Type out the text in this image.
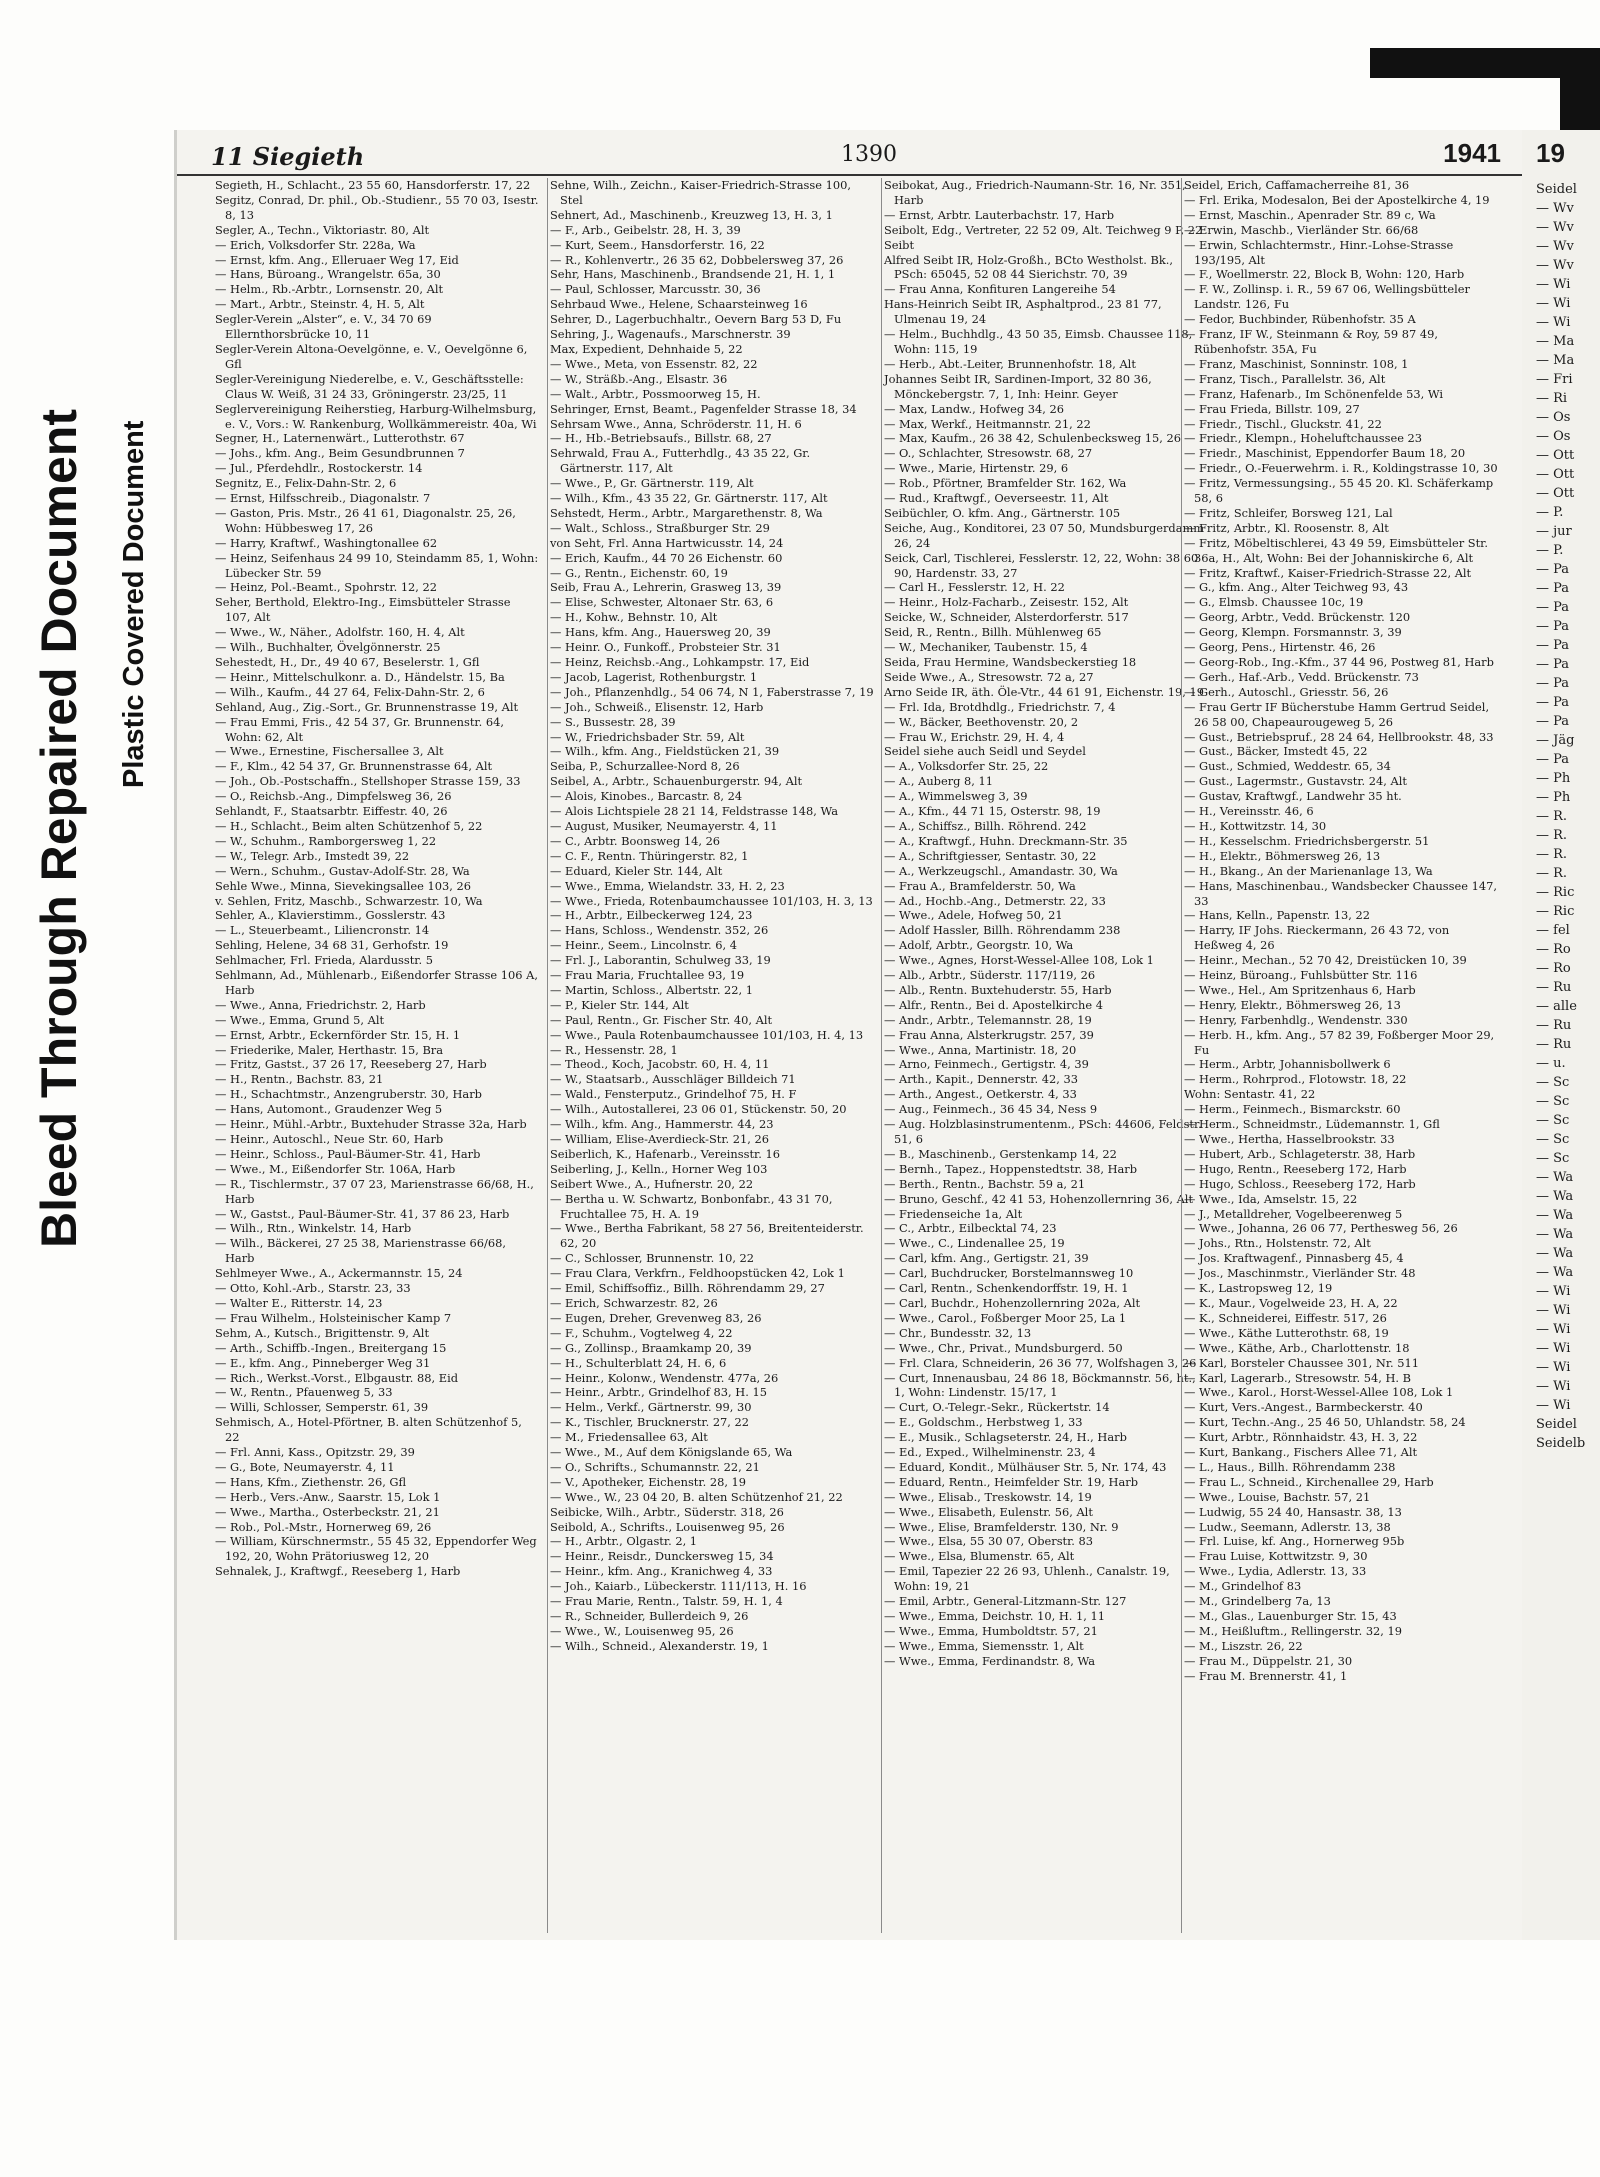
Bleed Through Repaired Document Plastic Covered Document
11 Siegieth	1390	1941
Segieth, H., Schlacht., 23 55 60, Hansdorferstr. 17, 22
Segitz, Conrad, Dr. phil., Ob.-Studienr., 55 70 03, Isestr. 8, 13
Segler, A., Techn., Viktoriastr. 80, Alt
— Erich, Volksdorfer Str. 228a, Wa
— Ernst, kfm. Ang., Elleruaer Weg 17, Eid
— Hans, Büroang., Wrangelstr. 65a, 30
— Helm., Rb.-Arbtr., Lornsenstr. 20, Alt
— Mart., Arbtr., Steinstr. 4, H. 5, Alt
Segler-Verein „Alster“, e. V., 34 70 69 Ellernthorsbrücke 10, 11
Segler-Verein Altona-Oevelgönne, e. V., Oevelgönne 6, Gfl
Segler-Vereinigung Niederelbe, e. V., Geschäftsstelle: Claus W. Weiß, 31 24 33, Gröningerstr. 23/25, 11
Seglervereinigung Reiherstieg, Harburg-Wilhelmsburg, e. V., Vors.: W. Rankenburg, Wollkämmereistr. 40a, Wi
Segner, H., Laternenwärt., Lutterothstr. 67
— Johs., kfm. Ang., Beim Gesundbrunnen 7
— Jul., Pferdehdlr., Rostockerstr. 14
Segnitz, E., Felix-Dahn-Str. 2, 6
— Ernst, Hilfsschreib., Diagonalstr. 7
— Gaston, Pris. Mstr., 26 41 61, Diagonalstr. 25, 26, Wohn: Hübbesweg 17, 26
— Harry, Kraftwf., Washingtonallee 62
— Heinz, Seifenhaus 24 99 10, Steindamm 85, 1, Wohn: Lübecker Str. 59
— Heinz, Pol.-Beamt., Spohrstr. 12, 22
Seher, Berthold, Elektro-Ing., Eimsbütteler Strasse 107, Alt
— Wwe., W., Näher., Adolfstr. 160, H. 4, Alt
— Wilh., Buchhalter, Övelgönnerstr. 25
Sehestedt, H., Dr., 49 40 67, Beselerstr. 1, Gfl
— Heinr., Mittelschulkonr. a. D., Händelstr. 15, Ba
— Wilh., Kaufm., 44 27 64, Felix-Dahn-Str. 2, 6
Sehland, Aug., Zig.-Sort., Gr. Brunnenstrasse 19, Alt
— Frau Emmi, Fris., 42 54 37, Gr. Brunnenstr. 64, Wohn: 62, Alt
— Wwe., Ernestine, Fischersallee 3, Alt
— F., Klm., 42 54 37, Gr. Brunnenstrasse 64, Alt
— Joh., Ob.-Postschaffn., Stellshoper Strasse 159, 33
— O., Reichsb.-Ang., Dimpfelsweg 36, 26
Sehlandt, F., Staatsarbtr. Eiffestr. 40, 26
— H., Schlacht., Beim alten Schützenhof 5, 22
— W., Schuhm., Ramborgersweg 1, 22
— W., Telegr. Arb., Imstedt 39, 22
— Wern., Schuhm., Gustav-Adolf-Str. 28, Wa
Sehle Wwe., Minna, Sievekingsallee 103, 26
v. Sehlen, Fritz, Maschb., Schwarzestr. 10, Wa
Sehler, A., Klavierstimm., Gosslerstr. 43
— L., Steuerbeamt., Liliencronstr. 14
Sehling, Helene, 34 68 31, Gerhofstr. 19
Sehlmacher, Frl. Frieda, Alardusstr. 5
Sehlmann, Ad., Mühlenarb., Eißendorfer Strasse 106 A, Harb
— Wwe., Anna, Friedrichstr. 2, Harb
— Wwe., Emma, Grund 5, Alt
— Ernst, Arbtr., Eckernförder Str. 15, H. 1
— Friederike, Maler, Herthastr. 15, Bra
— Fritz, Gastst., 37 26 17, Reeseberg 27, Harb
— H., Rentn., Bachstr. 83, 21
— H., Schachtmstr., Anzengruberstr. 30, Harb
— Hans, Automont., Graudenzer Weg 5
— Heinr., Mühl.-Arbtr., Buxtehuder Strasse 32a, Harb
— Heinr., Autoschl., Neue Str. 60, Harb
— Heinr., Schloss., Paul-Bäumer-Str. 41, Harb
— Wwe., M., Eißendorfer Str. 106A, Harb
— R., Tischlermstr., 37 07 23, Marienstrasse 66/68, H., Harb
— W., Gastst., Paul-Bäumer-Str. 41, 37 86 23, Harb
— Wilh., Rtn., Winkelstr. 14, Harb
— Wilh., Bäckerei, 27 25 38, Marienstrasse 66/68, Harb
Sehlmeyer Wwe., A., Ackermannstr. 15, 24
— Otto, Kohl.-Arb., Starstr. 23, 33
— Walter E., Ritterstr. 14, 23
— Frau Wilhelm., Holsteinischer Kamp 7
Sehm, A., Kutsch., Brigittenstr. 9, Alt
— Arth., Schiffb.-Ingen., Breitergang 15
— E., kfm. Ang., Pinneberger Weg 31
— Rich., Werkst.-Vorst., Elbgaustr. 88, Eid
— W., Rentn., Pfauenweg 5, 33
— Willi, Schlosser, Semperstr. 61, 39
Sehmisch, A., Hotel-Pförtner, B. alten Schützenhof 5, 22
— Frl. Anni, Kass., Opitzstr. 29, 39
— G., Bote, Neumayerstr. 4, 11
— Hans, Kfm., Ziethenstr. 26, Gfl
— Herb., Vers.-Anw., Saarstr. 15, Lok 1
— Wwe., Martha., Osterbeckstr. 21, 21
— Rob., Pol.-Mstr., Hornerweg 69, 26
— William, Kürschnermstr., 55 45 32, Eppendorfer Weg 192, 20, Wohn Prätoriusweg 12, 20
Sehnalek, J., Kraftwgf., Reeseberg 1, Harb
Sehne, Wilh., Zeichn., Kaiser-Friedrich-Strasse 100, Stel
Sehnert, Ad., Maschinenb., Kreuzweg 13, H. 3, 1
— F., Arb., Geibelstr. 28, H. 3, 39
— Kurt, Seem., Hansdorferstr. 16, 22
— R., Kohlenvertr., 26 35 62, Dobbelersweg 37, 26
Sehr, Hans, Maschinenb., Brandsende 21, H. 1, 1
— Paul, Schlosser, Marcusstr. 30, 36
Sehrbaud Wwe., Helene, Schaarsteinweg 16
Sehrer, D., Lagerbuchhaltr., Oevern Barg 53 D, Fu
Sehring, J., Wagenaufs., Marschnerstr. 39
Max, Expedient, Dehnhaide 5, 22
— Wwe., Meta, von Essenstr. 82, 22
— W., Sträßb.-Ang., Elsastr. 36
— Walt., Arbtr., Possmoorweg 15, H.
Sehringer, Ernst, Beamt., Pagenfelder Strasse 18, 34
Sehrsam Wwe., Anna, Schröderstr. 11, H. 6
— H., Hb.-Betriebsaufs., Billstr. 68, 27
Sehrwald, Frau A., Futterhdlg., 43 35 22, Gr. Gärtnerstr. 117, Alt
— Wwe., P., Gr. Gärtnerstr. 119, Alt
— Wilh., Kfm., 43 35 22, Gr. Gärtnerstr. 117, Alt
Sehstedt, Herm., Arbtr., Margarethenstr. 8, Wa
— Walt., Schloss., Straßburger Str. 29
von Seht, Frl. Anna Hartwicusstr. 14, 24
— Erich, Kaufm., 44 70 26 Eichenstr. 60
— G., Rentn., Eichenstr. 60, 19
Seib, Frau A., Lehrerin, Grasweg 13, 39
— Elise, Schwester, Altonaer Str. 63, 6
— H., Kohw., Behnstr. 10, Alt
— Hans, kfm. Ang., Hauersweg 20, 39
— Heinr. O., Funkoff., Probsteier Str. 31
— Heinz, Reichsb.-Ang., Lohkampstr. 17, Eid
— Jacob, Lagerist, Rothenburgstr. 1
— Joh., Pflanzenhdlg., 54 06 74, N 1, Faberstrasse 7, 19
— Joh., Schweiß., Elisenstr. 12, Harb
— S., Bussestr. 28, 39
— W., Friedrichsbader Str. 59, Alt
— Wilh., kfm. Ang., Fieldstücken 21, 39
Seiba, P., Schurzallee-Nord 8, 26
Seibel, A., Arbtr., Schauenburgerstr. 94, Alt
— Alois, Kinobes., Barcastr. 8, 24
— Alois Lichtspiele 28 21 14, Feldstrasse 148, Wa
— August, Musiker, Neumayerstr. 4, 11
— C., Arbtr. Boonsweg 14, 26
— C. F., Rentn. Thüringerstr. 82, 1
— Eduard, Kieler Str. 144, Alt
— Wwe., Emma, Wielandstr. 33, H. 2, 23
— Wwe., Frieda, Rotenbaumchaussee 101/103, H. 3, 13
— H., Arbtr., Eilbeckerweg 124, 23
— Hans, Schloss., Wendenstr. 352, 26
— Heinr., Seem., Lincolnstr. 6, 4
— Frl. J., Laborantin, Schulweg 33, 19
— Frau Maria, Fruchtallee 93, 19
— Martin, Schloss., Albertstr. 22, 1
— P., Kieler Str. 144, Alt
— Paul, Rentn., Gr. Fischer Str. 40, Alt
— Wwe., Paula Rotenbaumchaussee 101/103, H. 4, 13
— R., Hessenstr. 28, 1
— Theod., Koch, Jacobstr. 60, H. 4, 11
— W., Staatsarb., Ausschläger Billdeich 71
— Wald., Fensterputz., Grindelhof 75, H. F
— Wilh., Autostallerei, 23 06 01, Stückenstr. 50, 20
— Wilh., kfm. Ang., Hammerstr. 44, 23
— William, Elise-Averdieck-Str. 21, 26
Seiberlich, K., Hafenarb., Vereinsstr. 16
Seiberling, J., Kelln., Horner Weg 103
Seibert Wwe., A., Hufnerstr. 20, 22
— Bertha u. W. Schwartz, Bonbonfabr., 43 31 70, Fruchtallee 75, H. A. 19
— Wwe., Bertha Fabrikant, 58 27 56, Breitenteiderstr. 62, 20
— C., Schlosser, Brunnenstr. 10, 22
— Frau Clara, Verkfrn., Feldhoopstücken 42, Lok 1
— Emil, Schiffsoffiz., Billh. Röhrendamm 29, 27
— Erich, Schwarzestr. 82, 26
— Eugen, Dreher, Grevenweg 83, 26
— F., Schuhm., Vogtelweg 4, 22
— G., Zollinsp., Braamkamp 20, 39
— H., Schulterblatt 24, H. 6, 6
— Heinr., Kolonw., Wendenstr. 477a, 26
— Heinr., Arbtr., Grindelhof 83, H. 15
— Helm., Verkf., Gärtnerstr. 99, 30
— K., Tischler, Brucknerstr. 27, 22
— M., Friedensallee 63, Alt
— Wwe., M., Auf dem Königslande 65, Wa
— O., Schrifts., Schumannstr. 22, 21
— V., Apotheker, Eichenstr. 28, 19
— Wwe., W., 23 04 20, B. alten Schützenhof 21, 22
Seibicke, Wilh., Arbtr., Süderstr. 318, 26
Seibold, A., Schrifts., Louisenweg 95, 26
— H., Arbtr., Olgastr. 2, 1
— Heinr., Reisdr., Dunckersweg 15, 34
— Heinr., kfm. Ang., Kranichweg 4, 33
— Joh., Kaiarb., Lübeckerstr. 111/113, H. 16
— Frau Marie, Rentn., Talstr. 59, H. 1, 4
— R., Schneider, Bullerdeich 9, 26
— Wwe., W., Louisenweg 95, 26
— Wilh., Schneid., Alexanderstr. 19, 1
Seibokat, Aug., Friedrich-Naumann-Str. 16, Nr. 351, Harb
— Ernst, Arbtr. Lauterbachstr. 17, Harb
Seibolt, Edg., Vertreter, 22 52 09, Alt. Teichweg 9 P, 22
Seibt
Alfred Seibt IR, Holz-Großh., BCto Westholst. Bk., PSch: 65045, 52 08 44 Sierichstr. 70, 39
— Frau Anna, Konfituren Langereihe 54
Hans-Heinrich Seibt IR, Asphaltprod., 23 81 77, Ulmenau 19, 24
— Helm., Buchhdlg., 43 50 35, Eimsb. Chaussee 118, Wohn: 115, 19
— Herb., Abt.-Leiter, Brunnenhofstr. 18, Alt
Johannes Seibt IR, Sardinen-Import, 32 80 36, Mönckebergstr. 7, 1, Inh: Heinr. Geyer
— Max, Landw., Hofweg 34, 26
— Max, Werkf., Heitmannstr. 21, 22
— Max, Kaufm., 26 38 42, Schulenbecksweg 15, 26
— O., Schlachter, Stresowstr. 68, 27
— Wwe., Marie, Hirtenstr. 29, 6
— Rob., Pförtner, Bramfelder Str. 162, Wa
— Rud., Kraftwgf., Oeverseestr. 11, Alt
Seibüchler, O. kfm. Ang., Gärtnerstr. 105
Seiche, Aug., Konditorei, 23 07 50, Mundsburgerdamm 26, 24
Seick, Carl, Tischlerei, Fesslerstr. 12, 22, Wohn: 38 60 90, Hardenstr. 33, 27
— Carl H., Fesslerstr. 12, H. 22
— Heinr., Holz-Facharb., Zeisestr. 152, Alt
Seicke, W., Schneider, Alsterdorferstr. 517
Seid, R., Rentn., Billh. Mühlenweg 65
— W., Mechaniker, Taubenstr. 15, 4
Seida, Frau Hermine, Wandsbeckerstieg 18
Seide Wwe., A., Stresowstr. 72 a, 27
Arno Seide IR, äth. Öle-Vtr., 44 61 91, Eichenstr. 19, 19
— Frl. Ida, Brotdhdlg., Friedrichstr. 7, 4
— W., Bäcker, Beethovenstr. 20, 2
— Frau W., Erichstr. 29, H. 4, 4
Seidel siehe auch Seidl und Seydel
— A., Volksdorfer Str. 25, 22
— A., Auberg 8, 11
— A., Wimmelsweg 3, 39
— A., Kfm., 44 71 15, Osterstr. 98, 19
— A., Schiffsz., Billh. Röhrend. 242
— A., Kraftwgf., Huhn. Dreckmann-Str. 35
— A., Schriftgiesser, Sentastr. 30, 22
— A., Werkzeugschl., Amandastr. 30, Wa
— Frau A., Bramfelderstr. 50, Wa
— Ad., Hochb.-Ang., Detmerstr. 22, 33
— Wwe., Adele, Hofweg 50, 21
— Adolf Hassler, Billh. Röhrendamm 238
— Adolf, Arbtr., Georgstr. 10, Wa
— Wwe., Agnes, Horst-Wessel-Allee 108, Lok 1
— Alb., Arbtr., Süderstr. 117/119, 26
— Alb., Rentn. Buxtehuderstr. 55, Harb
— Alfr., Rentn., Bei d. Apostelkirche 4
— Andr., Arbtr., Telemannstr. 28, 19
— Frau Anna, Alsterkrugstr. 257, 39
— Wwe., Anna, Martinistr. 18, 20
— Arno, Feinmech., Gertigstr. 4, 39
— Arth., Kapit., Dennerstr. 42, 33
— Arth., Angest., Oetkerstr. 4, 33
— Aug., Feinmech., 36 45 34, Ness 9
— Aug. Holzblasinstrumentenm., PSch: 44606, Feldstr. 51, 6
— B., Maschinenb., Gerstenkamp 14, 22
— Bernh., Tapez., Hoppenstedtstr. 38, Harb
— Berth., Rentn., Bachstr. 59 a, 21
— Bruno, Geschf., 42 41 53, Hohenzollernring 36, Alt
— Friedenseiche 1a, Alt
— C., Arbtr., Eilbecktal 74, 23
— Wwe., C., Lindenallee 25, 19
— Carl, kfm. Ang., Gertigstr. 21, 39
— Carl, Buchdrucker, Borstelmannsweg 10
— Carl, Rentn., Schenkendorffstr. 19, H. 1
— Carl, Buchdr., Hohenzollernring 202a, Alt
— Wwe., Carol., Foßberger Moor 25, La 1
— Chr., Bundesstr. 32, 13
— Wwe., Chr., Privat., Mundsburgerd. 50
— Frl. Clara, Schneiderin, 26 36 77, Wolfshagen 3, 26
— Curt, Innenausbau, 24 86 18, Böckmannstr. 56, ht., 1, Wohn: Lindenstr. 15/17, 1
— Curt, O.-Telegr.-Sekr., Rückertstr. 14
— E., Goldschm., Herbstweg 1, 33
— E., Musik., Schlagseterstr. 24, H., Harb
— Ed., Exped., Wilhelminenstr. 23, 4
— Eduard, Kondit., Mülhäuser Str. 5, Nr. 174, 43
— Eduard, Rentn., Heimfelder Str. 19, Harb
— Wwe., Elisab., Treskowstr. 14, 19
— Wwe., Elisabeth, Eulenstr. 56, Alt
— Wwe., Elise, Bramfelderstr. 130, Nr. 9
— Wwe., Elsa, 55 30 07, Oberstr. 83
— Wwe., Elsa, Blumenstr. 65, Alt
— Emil, Tapezier 22 26 93, Uhlenh., Canalstr. 19, Wohn: 19, 21
— Emil, Arbtr., General-Litzmann-Str. 127
— Wwe., Emma, Deichstr. 10, H. 1, 11
— Wwe., Emma, Humboldtstr. 57, 21
— Wwe., Emma, Siemensstr. 1, Alt
— Wwe., Emma, Ferdinandstr. 8, Wa
Seidel, Erich, Caffamacherreihe 81, 36
— Frl. Erika, Modesalon, Bei der Apostelkirche 4, 19
— Ernst, Maschin., Apenrader Str. 89 c, Wa
— Erwin, Maschb., Vierländer Str. 66/68
— Erwin, Schlachtermstr., Hinr.-Lohse-Strasse 193/195, Alt
— F., Woellmerstr. 22, Block B, Wohn: 120, Harb
— F. W., Zollinsp. i. R., 59 67 06, Wellingsbütteler Landstr. 126, Fu
— Fedor, Buchbinder, Rübenhofstr. 35 A
— Franz, IF W., Steinmann & Roy, 59 87 49, Rübenhofstr. 35A, Fu
— Franz, Maschinist, Sonninstr. 108, 1
— Franz, Tisch., Parallelstr. 36, Alt
— Franz, Hafenarb., Im Schönenfelde 53, Wi
— Frau Frieda, Billstr. 109, 27
— Friedr., Tischl., Gluckstr. 41, 22
— Friedr., Klempn., Hoheluftchaussee 23
— Friedr., Maschinist, Eppendorfer Baum 18, 20
— Friedr., O.-Feuerwehrm. i. R., Koldingstrasse 10, 30
— Fritz, Vermessungsing., 55 45 20. Kl. Schäferkamp 58, 6
— Fritz, Schleifer, Borsweg 121, Lal
— Fritz, Arbtr., Kl. Roosenstr. 8, Alt
— Fritz, Möbeltischlerei, 43 49 59, Eimsbütteler Str. 36a, H., Alt, Wohn: Bei der Johanniskirche 6, Alt
— Fritz, Kraftwf., Kaiser-Friedrich-Strasse 22, Alt
— G., kfm. Ang., Alter Teichweg 93, 43
— G., Elmsb. Chaussee 10c, 19
— Georg, Arbtr., Vedd. Brückenstr. 120
— Georg, Klempn. Forsmannstr. 3, 39
— Georg, Pens., Hirtenstr. 46, 26
— Georg-Rob., Ing.-Kfm., 37 44 96, Postweg 81, Harb
— Gerh., Haf.-Arb., Vedd. Brückenstr. 73
— Gerh., Autoschl., Griesstr. 56, 26
— Frau Gertr IF Bücherstube Hamm Gertrud Seidel, 26 58 00, Chapeaurougeweg 5, 26
— Gust., Betriebspruf., 28 24 64, Hellbrookstr. 48, 33
— Gust., Bäcker, Imstedt 45, 22
— Gust., Schmied, Weddestr. 65, 34
— Gust., Lagermstr., Gustavstr. 24, Alt
— Gustav, Kraftwgf., Landwehr 35 ht.
— H., Vereinsstr. 46, 6
— H., Kottwitzstr. 14, 30
— H., Kesselschm. Friedrichsbergerstr. 51
— H., Elektr., Böhmersweg 26, 13
— H., Bkang., An der Marienanlage 13, Wa
— Hans, Maschinenbau., Wandsbecker Chaussee 147, 33
— Hans, Kelln., Papenstr. 13, 22
— Harry, IF Johs. Rieckermann, 26 43 72, von Heßweg 4, 26
— Heinr., Mechan., 52 70 42, Dreistücken 10, 39
— Heinz, Büroang., Fuhlsbütter Str. 116
— Wwe., Hel., Am Spritzenhaus 6, Harb
— Henry, Elektr., Böhmersweg 26, 13
— Henry, Farbenhdlg., Wendenstr. 330
— Herb. H., kfm. Ang., 57 82 39, Foßberger Moor 29, Fu
— Herm., Arbtr, Johannisbollwerk 6
— Herm., Rohrprod., Flotowstr. 18, 22
Wohn: Sentastr. 41, 22
— Herm., Feinmech., Bismarckstr. 60
— Herm., Schneidmstr., Lüdemannstr. 1, Gfl
— Wwe., Hertha, Hasselbrookstr. 33
— Hubert, Arb., Schlageterstr. 38, Harb
— Hugo, Rentn., Reeseberg 172, Harb
— Hugo, Schloss., Reeseberg 172, Harb
— Wwe., Ida, Amselstr. 15, 22
— J., Metalldreher, Vogelbeerenweg 5
— Wwe., Johanna, 26 06 77, Perthesweg 56, 26
— Johs., Rtn., Holstenstr. 72, Alt
— Jos. Kraftwagenf., Pinnasberg 45, 4
— Jos., Maschinmstr., Vierländer Str. 48
— K., Lastropsweg 12, 19
— K., Maur., Vogelweide 23, H. A, 22
— K., Schneiderei, Eiffestr. 517, 26
— Wwe., Käthe Lutterothstr. 68, 19
— Wwe., Käthe, Arb., Charlottenstr. 18
— Karl, Borsteler Chaussee 301, Nr. 511
— Karl, Lagerarb., Stresowstr. 54, H. B
— Wwe., Karol., Horst-Wessel-Allee 108, Lok 1
— Kurt, Vers.-Angest., Barmbeckerstr. 40
— Kurt, Techn.-Ang., 25 46 50, Uhlandstr. 58, 24
— Kurt, Arbtr., Rönnhaidstr. 43, H. 3, 22
— Kurt, Bankang., Fischers Allee 71, Alt
— L., Haus., Billh. Röhrendamm 238
— Frau L., Schneid., Kirchenallee 29, Harb
— Wwe., Louise, Bachstr. 57, 21
— Ludwig, 55 24 40, Hansastr. 38, 13
— Ludw., Seemann, Adlerstr. 13, 38
— Frl. Luise, kf. Ang., Hornerweg 95b
— Frau Luise, Kottwitzstr. 9, 30
— Wwe., Lydia, Adlerstr. 13, 33
— M., Grindelhof 83
— M., Grindelberg 7a, 13
— M., Glas., Lauenburger Str. 15, 43
— M., Heißluftm., Rellingerstr. 32, 19
— M., Liszstr. 26, 22
— Frau M., Düppelstr. 21, 30
— Frau M. Brennerstr. 41, 1
19
Seidel
— Wv
— Wv
— Wv
— Wv
— Wi
— Wi
— Wi
— Ma
— Ma
— Fri
— Ri
— Os
— Os
— Ott
— Ott
— Ott
— P.
— jur
— P.
— Pa
— Pa
— Pa
— Pa
— Pa
— Pa
— Pa
— Pa
— Pa
— Jäg
— Pa
— Ph
— Ph
— R.
— R.
— R.
— R.
— Ric
— Ric
— fel
— Ro
— Ro
— Ru
— alle
— Ru
— Ru
— u.
— Sc
— Sc
— Sc
— Sc
— Sc
— Wa
— Wa
— Wa
— Wa
— Wa
— Wa
— Wi
— Wi
— Wi
— Wi
— Wi
— Wi
— Wi
Seidel
Seidelb
